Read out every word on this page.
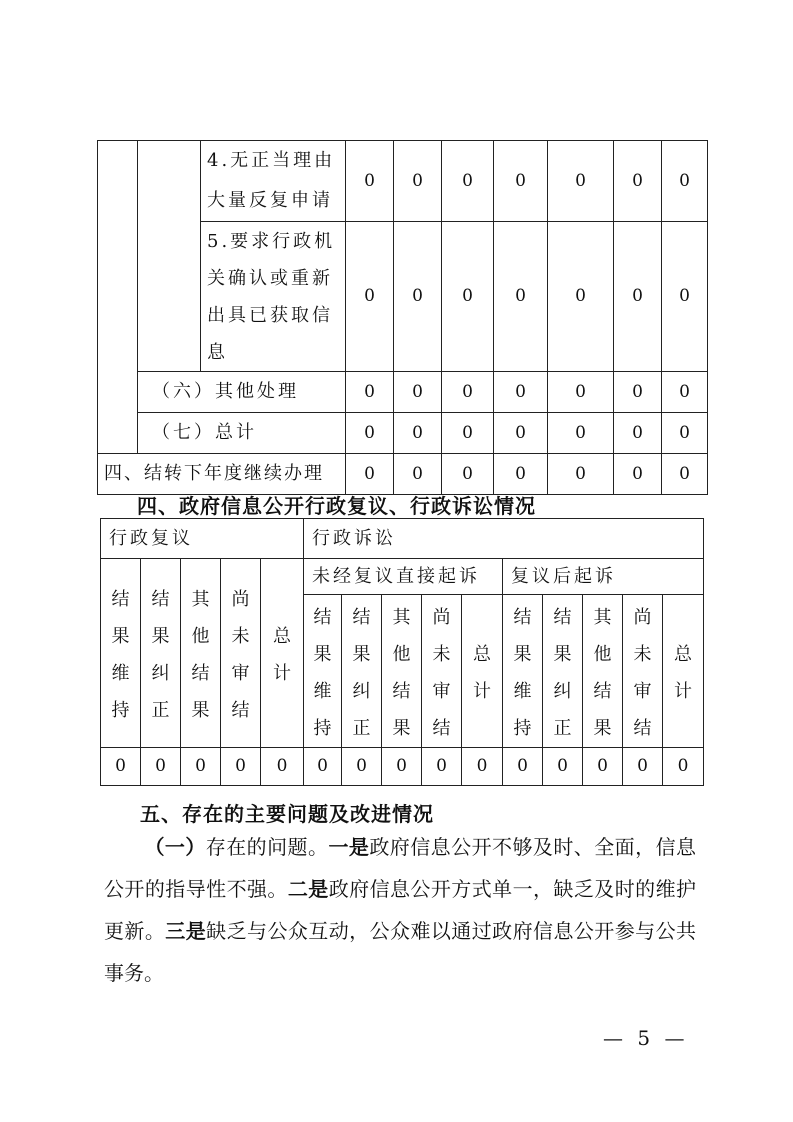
		4.无正当理由
大量反复申请	0	0	0	0	0	0	0

		5.要求行政机
关确认或重新
出具已获取信
息	0	0	0	0	0	0	0
	（六）其他处理		0	0	0	0	0	0	0
	（七）总计		0	0	0	0	0	0	0
四、结转下年度继续办理			0	0	0	0	0	0	0
四、政府信息公开行政复议、行政诉讼情况
行政复议					行政诉讼									

结
果
维
持	结
果
纠
正	其
他
结
果	尚
未
审
结	总
计	未经复议直接起诉					复议后起诉				

					结
果
维
持	结
果
纠
正	其
他
结
果	尚
未
审
结	总
计	结
果
维
持	结
果
纠
正	其
他
结
果	尚
未
审
结	总
计

0	0	0	0	0	0	0	0	0	0	0	0	0	0	0
五、存在的主要问题及改进情况

（一）存在的问题。一是政府信息公开不够及时、全面，信息公开的指导性不强。二是政府信息公开方式单一，缺乏及时的维护更新。三是缺乏与公众互动，公众难以通过政府信息公开参与公共事务。

— 5 —
